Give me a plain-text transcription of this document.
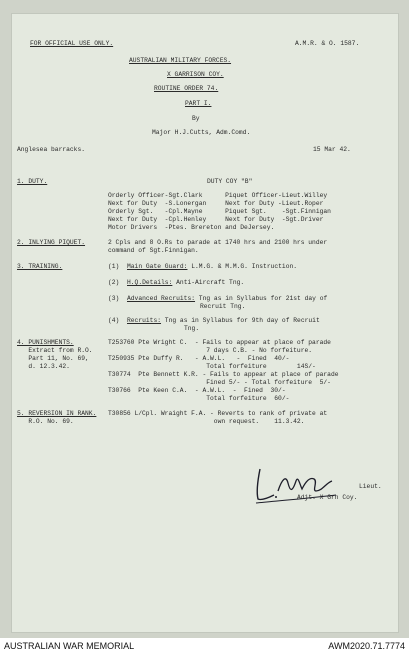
FOR OFFICIAL USE ONLY.	A.M.R. & O. 1587.
AUSTRALIAN MILITARY FORCES.
X GARRISON COY.
ROUTINE ORDER 74.
PART I.
By
Major H.J.Cutts, Adm.Comd.
Anglesea barracks.	15 Mar 42.
1. DUTY.	DUTY COY "B"
Orderly Officer-Sgt.Clark      Piquet Officer-Lieut.Willey
Next for Duty  -S.Lonergan     Next for Duty -Lieut.Roper
Orderly Sgt.   -Cpl.Mayne      Piquet Sgt.    -Sgt.Finnigan
Next for Duty  -Cpl.Henley     Next for Duty  -Sgt.Driver
Motor Drivers  -Ptes. Brereton and DeJersey.
2. INLYING PIQUET.	2 Cpls and 8 O.Rs to parade at 1740 hrs and 2100 hrs under
command of Sgt.Finnigan.
3. TRAINING.	(1) Main Gate Guard: L.M.G. & M.M.G. Instruction.
(2) H.Q.Details: Anti-Aircraft Tng.
(3) Advanced Recruits: Tng as in Syllabus for 21st day of
Recruit Tng.
(4) Recruits: Tng as in Syllabus for 9th day of Recruit
Tng.
4. PUNISHMENTS.
Extract from R.O.
Part 11, No. 69,
d. 12.3.42.
T253760 Pte Wright C.  - Fails to appear at place of parade
7 days C.B. - No forfeiture.
T250935 Pte Duffy R.   - A.W.L.   -  Fined  40/-
Total forfeiture        14S/-
T30774  Pte Bennett K.R. - Fails to appear at place of parade
Fined 5/- - Total forfeiture  5/-
T30766  Pte Keen C.A.  - A.W.L.  -  Fined  30/-
Total forfeiture  60/-
5. REVERSION IN RANK.
R.O. No. 69.
T30856 L/Cpl. Wraight F.A. - Reverts to rank of private at
own request.    11.3.42.
Lieut.
Adjt. X Grn Coy.
AUSTRALIAN WAR MEMORIAL	AWM2020.71.7774
